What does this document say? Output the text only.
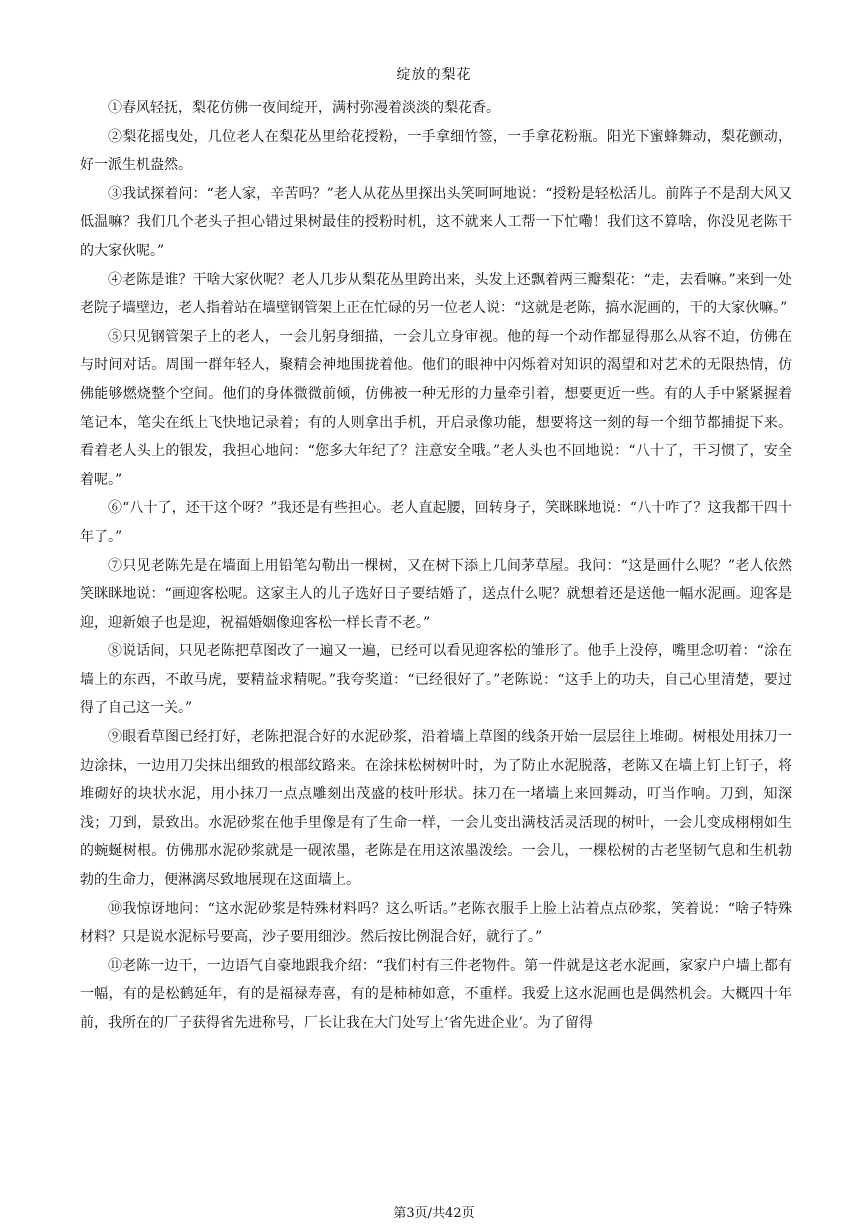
绽放的梨花

①春风轻抚，梨花仿佛一夜间绽开，满村弥漫着淡淡的梨花香。

②梨花摇曳处，几位老人在梨花丛里给花授粉，一手拿细竹签，一手拿花粉瓶。阳光下蜜蜂舞动，梨花颤动，好一派生机盎然。

③我试探着问：“老人家，辛苦吗？”老人从花丛里探出头笑呵呵地说：“授粉是轻松活儿。前阵子不是刮大风又低温嘛？我们几个老头子担心错过果树最佳的授粉时机，这不就来人工帮一下忙嘞！我们这不算啥，你没见老陈干的大家伙呢。”

④老陈是谁？干啥大家伙呢？老人几步从梨花丛里跨出来，头发上还飘着两三瓣梨花：“走，去看嘛。”来到一处老院子墙壁边，老人指着站在墙壁钢管架上正在忙碌的另一位老人说：“这就是老陈，搞水泥画的，干的大家伙嘛。”

⑤只见钢管架子上的老人，一会儿躬身细描，一会儿立身审视。他的每一个动作都显得那么从容不迫，仿佛在与时间对话。周围一群年轻人，聚精会神地围拢着他。他们的眼神中闪烁着对知识的渴望和对艺术的无限热情，仿佛能够燃烧整个空间。他们的身体微微前倾，仿佛被一种无形的力量牵引着，想要更近一些。有的人手中紧紧握着笔记本，笔尖在纸上飞快地记录着；有的人则拿出手机，开启录像功能，想要将这一刻的每一个细节都捕捉下来。看着老人头上的银发，我担心地问：“您多大年纪了？注意安全哦。”老人头也不回地说：“八十了，干习惯了，安全着呢。”

⑥“八十了，还干这个呀？”我还是有些担心。老人直起腰，回转身子，笑眯眯地说：“八十咋了？这我都干四十年了。”

⑦只见老陈先是在墙面上用铅笔勾勒出一棵树，又在树下添上几间茅草屋。我问：“这是画什么呢？”老人依然笑眯眯地说：“画迎客松呢。这家主人的儿子选好日子要结婚了，送点什么呢？就想着还是送他一幅水泥画。迎客是迎，迎新娘子也是迎，祝福婚姻像迎客松一样长青不老。”

⑧说话间，只见老陈把草图改了一遍又一遍，已经可以看见迎客松的雏形了。他手上没停，嘴里念叨着：“涂在墙上的东西，不敢马虎，要精益求精呢。”我夸奖道：“已经很好了。”老陈说：“这手上的功夫，自己心里清楚，要过得了自己这一关。”

⑨眼看草图已经打好，老陈把混合好的水泥砂浆，沿着墙上草图的线条开始一层层往上堆砌。树根处用抹刀一边涂抹，一边用刀尖抹出细致的根部纹路来。在涂抹松树树叶时，为了防止水泥脱落，老陈又在墙上钉上钉子，将堆砌好的块状水泥，用小抹刀一点点雕刻出茂盛的枝叶形状。抹刀在一堵墙上来回舞动，叮当作响。刀到，知深浅；刀到，景致出。水泥砂浆在他手里像是有了生命一样，一会儿变出满枝活灵活现的树叶，一会儿变成栩栩如生的蜿蜒树根。仿佛那水泥砂浆就是一砚浓墨，老陈是在用这浓墨泼绘。一会儿，一棵松树的古老坚韧气息和生机勃勃的生命力，便淋漓尽致地展现在这面墙上。

⑩我惊讶地问：“这水泥砂浆是特殊材料吗？这么听话。”老陈衣服手上脸上沾着点点砂浆，笑着说：“啥子特殊材料？只是说水泥标号要高，沙子要用细沙。然后按比例混合好，就行了。”

⑪老陈一边干，一边语气自豪地跟我介绍：“我们村有三件老物件。第一件就是这老水泥画，家家户户墙上都有一幅，有的是松鹤延年，有的是福禄寿喜，有的是柿柿如意，不重样。我爱上这水泥画也是偶然机会。大概四十年前，我所在的厂子获得省先进称号，厂长让我在大门处写上‘省先进企业’。为了留得

第3页/共42页
